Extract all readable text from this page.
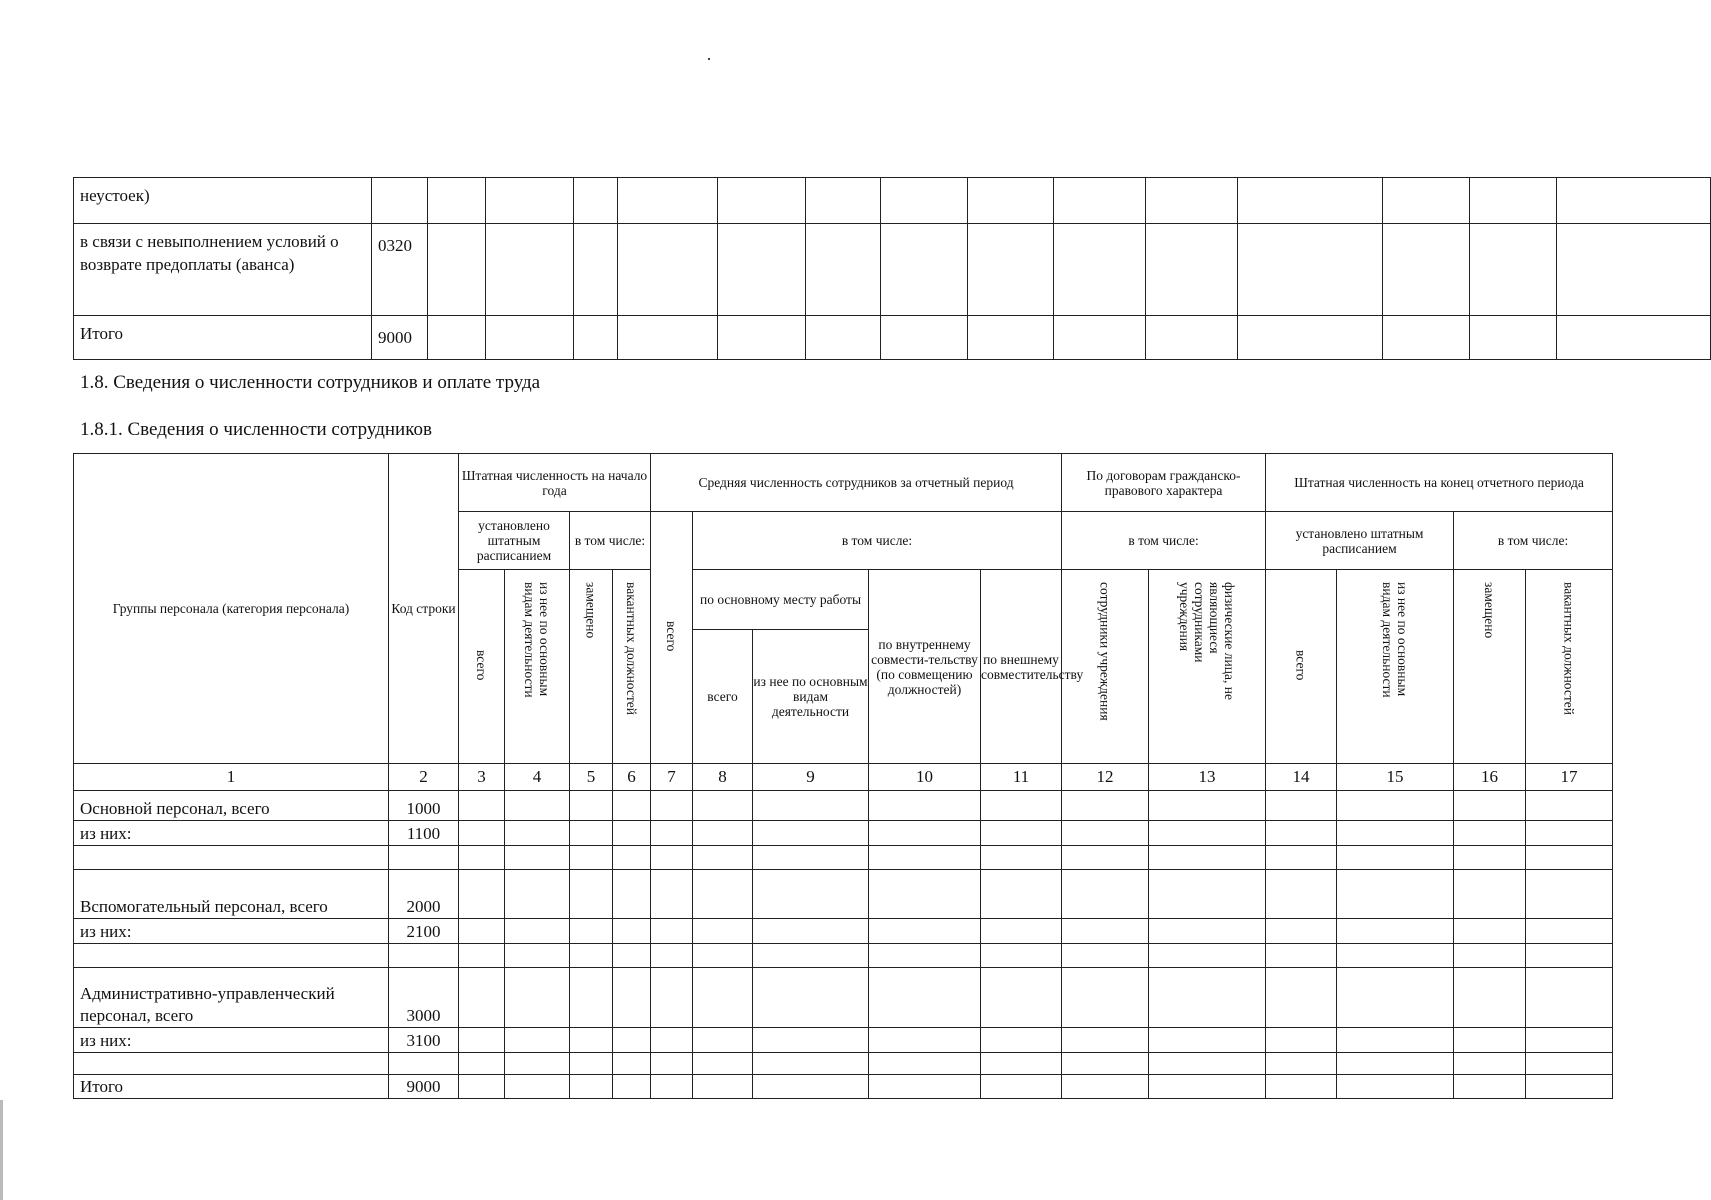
неустоек)															
в связи с невыполнением условий о возврате предоплаты (аванса)	0320														
Итого	9000														
1.8. Сведения о численности сотрудников и оплате труда
1.8.1. Сведения о численности сотрудников
Группы персонала (категория персонала)	Код строки	Штатная численность на начало года				Средняя численность сотрудников за отчетный период					По договорам гражданско-правового характера		Штатная численность на конец отчетного периода			
		установлено штатным расписанием		в том числе:		всего	в том числе:				в том числе:		установлено штатным расписанием		в том числе:	
		всего	из нее по основным видам деятельности	замещено	вакантных должностей		по основному месту работы		по внутреннему совмести-тельству (по совмещению должностей)	по внешнему совместительству	сотрудники учреждения	физические лица, не являющиеся сотрудниками учреждения	всего	из нее по основным видам деятельности	замещено	вакантных должностей
							всего	из нее по основным видам деятельности								
1	2	3	4	5	6	7	8	9	10	11	12	13	14	15	16	17
Основной персонал, всего	1000															
из них:	1100															

Вспомогательный персонал, всего	2000															
из них:	2100															

Административно-управленческий персонал, всего	3000															
из них:	3100															

Итого	9000															
